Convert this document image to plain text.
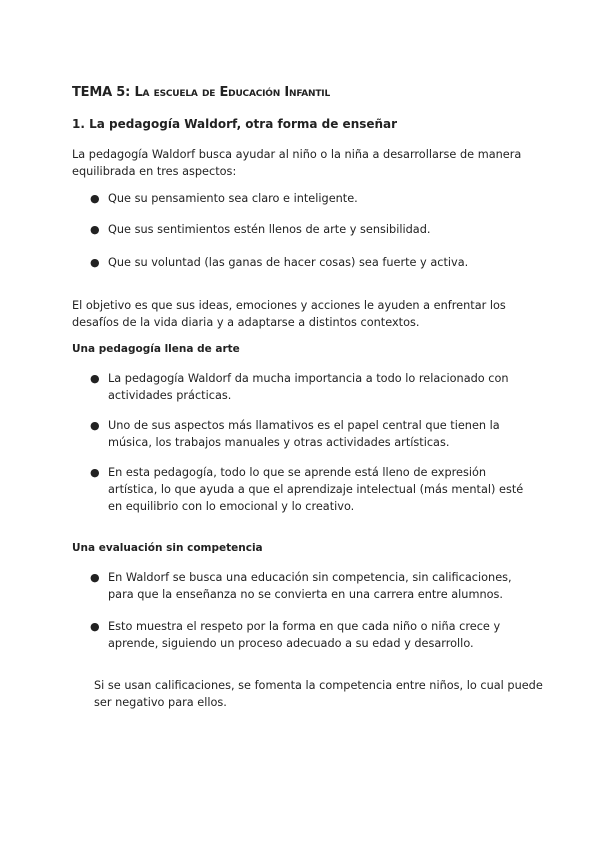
TEMA 5: La escuela de Educación Infantil
1. La pedagogía Waldorf, otra forma de enseñar

La pedagogía Waldorf busca ayudar al niño o la niña a desarrollarse de manera equilibrada en tres aspectos:

● Que su pensamiento sea claro e inteligente.
● Que sus sentimientos estén llenos de arte y sensibilidad.
● Que su voluntad (las ganas de hacer cosas) sea fuerte y activa.

El objetivo es que sus ideas, emociones y acciones le ayuden a enfrentar los desafíos de la vida diaria y a adaptarse a distintos contextos.

Una pedagogía llena de arte
● La pedagogía Waldorf da mucha importancia a todo lo relacionado con actividades prácticas.
● Uno de sus aspectos más llamativos es el papel central que tienen la música, los trabajos manuales y otras actividades artísticas.
● En esta pedagogía, todo lo que se aprende está lleno de expresión artística, lo que ayuda a que el aprendizaje intelectual (más mental) esté en equilibrio con lo emocional y lo creativo.
Una evaluación sin competencia
● En Waldorf se busca una educación sin competencia, sin calificaciones, para que la enseñanza no se convierta en una carrera entre alumnos.
● Esto muestra el respeto por la forma en que cada niño o niña crece y aprende, siguiendo un proceso adecuado a su edad y desarrollo.

Si se usan calificaciones, se fomenta la competencia entre niños, lo cual puede ser negativo para ellos.
